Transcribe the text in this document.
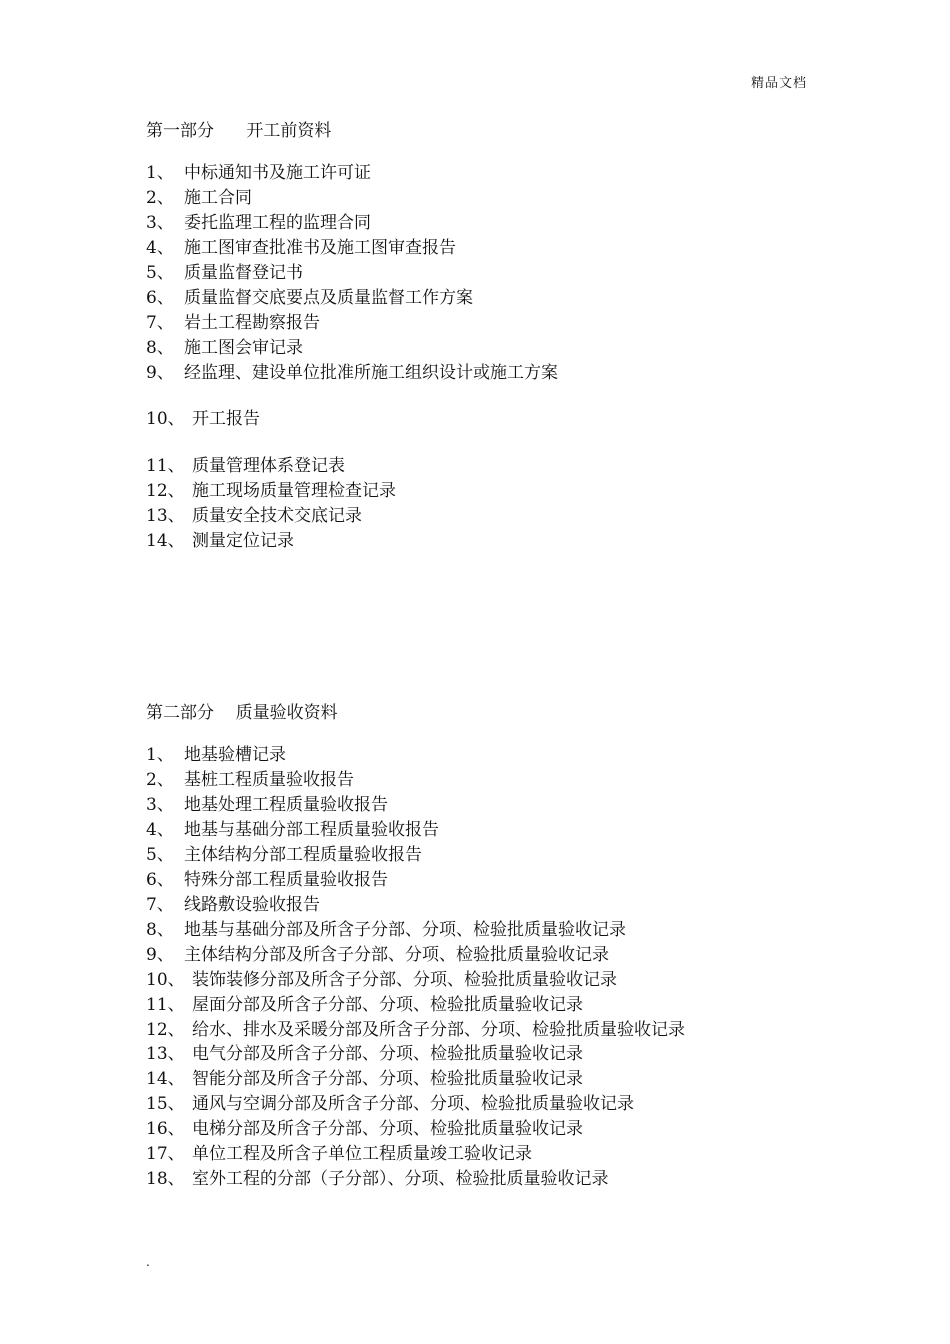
精品文档
第一部分      开工前资料
1、 中标通知书及施工许可证
2、 施工合同
3、 委托监理工程的监理合同
4、 施工图审查批准书及施工图审查报告
5、 质量监督登记书
6、 质量监督交底要点及质量监督工作方案
7、 岩土工程勘察报告
8、 施工图会审记录
9、 经监理、建设单位批准所施工组织设计或施工方案
10、 开工报告
11、 质量管理体系登记表
12、 施工现场质量管理检查记录
13、 质量安全技术交底记录
14、 测量定位记录
第二部分    质量验收资料
1、 地基验槽记录
2、 基桩工程质量验收报告
3、 地基处理工程质量验收报告
4、 地基与基础分部工程质量验收报告
5、 主体结构分部工程质量验收报告
6、 特殊分部工程质量验收报告
7、 线路敷设验收报告
8、 地基与基础分部及所含子分部、分项、检验批质量验收记录
9、 主体结构分部及所含子分部、分项、检验批质量验收记录
10、 装饰装修分部及所含子分部、分项、检验批质量验收记录
11、 屋面分部及所含子分部、分项、检验批质量验收记录
12、 给水、排水及采暖分部及所含子分部、分项、检验批质量验收记录
13、 电气分部及所含子分部、分项、检验批质量验收记录
14、 智能分部及所含子分部、分项、检验批质量验收记录
15、 通风与空调分部及所含子分部、分项、检验批质量验收记录
16、 电梯分部及所含子分部、分项、检验批质量验收记录
17、 单位工程及所含子单位工程质量竣工验收记录
18、 室外工程的分部（子分部）、分项、检验批质量验收记录
.
